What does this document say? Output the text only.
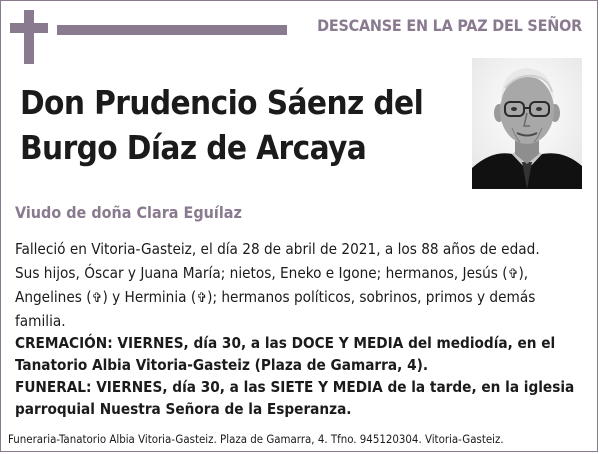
DESCANSE EN LA PAZ DEL SEÑOR
Don Prudencio Sáenz del Burgo Díaz de Arcaya
Viudo de doña Clara Eguílaz

Falleció en Vitoria-Gasteiz, el día 28 de abril de 2021, a los 88 años de edad.

Sus hijos, Óscar y Juana María; nietos, Eneko e Igone; hermanos, Jesús (✞), Angelines (✞) y Herminia (✞); hermanos políticos, sobrinos, primos y demás familia.

CREMACIÓN: VIERNES, día 30, a las DOCE Y MEDIA del mediodía, en el Tanatorio Albia Vitoria-Gasteiz (Plaza de Gamarra, 4).

FUNERAL: VIERNES, día 30, a las SIETE Y MEDIA de la tarde, en la iglesia parroquial Nuestra Señora de la Esperanza.

Funeraria-Tanatorio Albia Vitoria-Gasteiz. Plaza de Gamarra, 4. Tfno. 945120304. Vitoria-Gasteiz.
